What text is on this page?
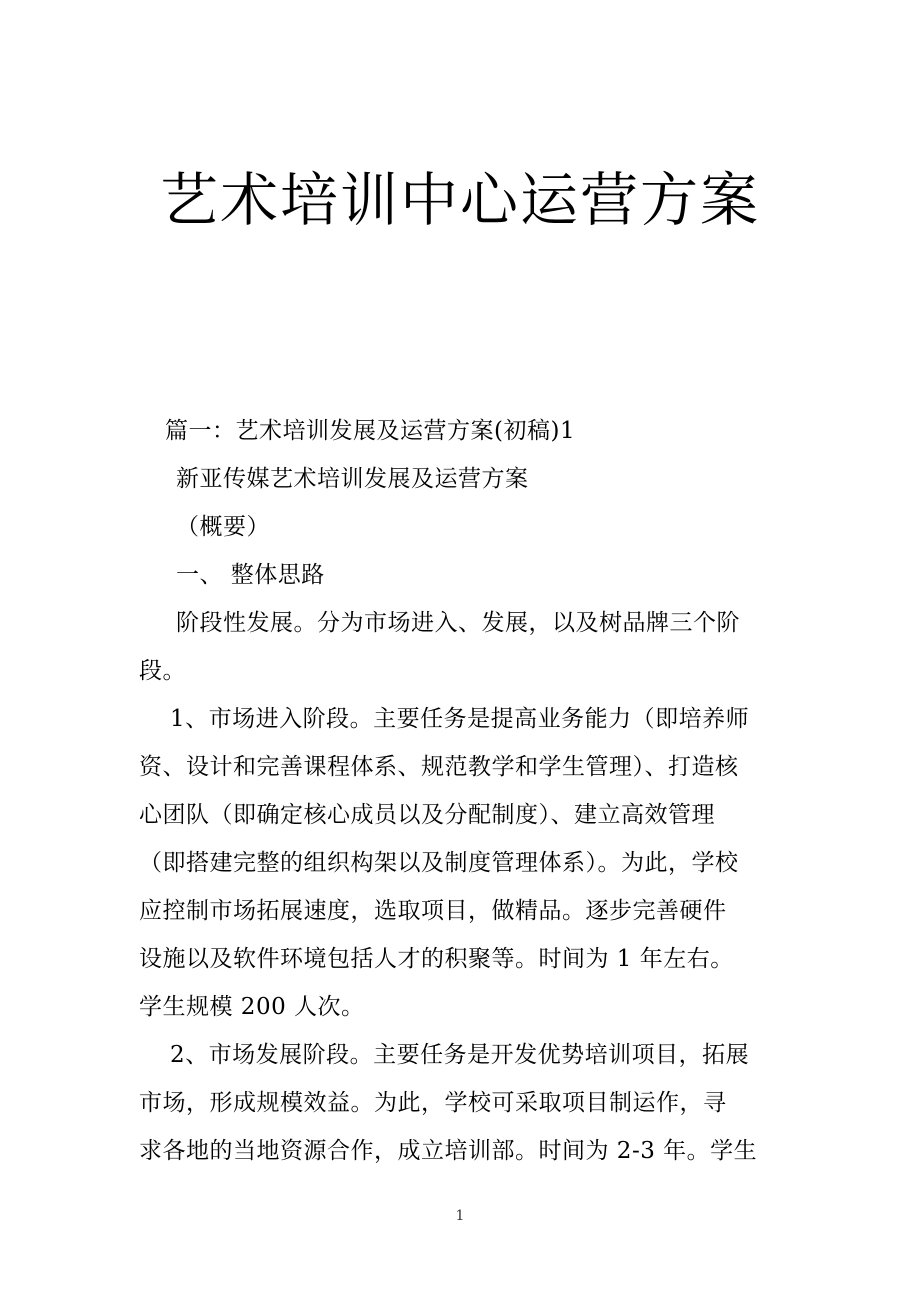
艺术培训中心运营方案
篇一：艺术培训发展及运营方案(初稿)1
新亚传媒艺术培训发展及运营方案
（概要）
一、 整体思路
阶段性发展。分为市场进入、发展，以及树品牌三个阶
段。
1、市场进入阶段。主要任务是提高业务能力（即培养师
资、设计和完善课程体系、规范教学和学生管理）、打造核
心团队（即确定核心成员以及分配制度）、建立高效管理
（即搭建完整的组织构架以及制度管理体系）。为此，学校
应控制市场拓展速度，选取项目，做精品。逐步完善硬件
设施以及软件环境包括人才的积聚等。时间为 1 年左右。
学生规模 200 人次。
2、市场发展阶段。主要任务是开发优势培训项目，拓展
市场，形成规模效益。为此，学校可采取项目制运作，寻
求各地的当地资源合作，成立培训部。时间为 2-3 年。学生
1
